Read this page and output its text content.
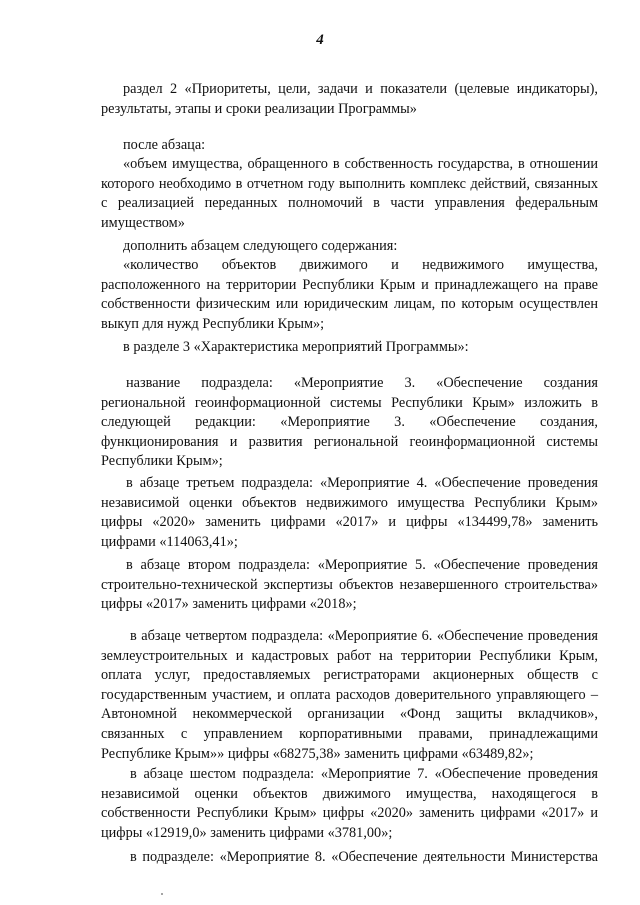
4

раздел 2 «Приоритеты, цели, задачи и показатели (целевые индикаторы), результаты, этапы и сроки реализации Программы»

после абзаца:

«объем имущества, обращенного в собственность государства, в отношении которого необходимо в отчетном году выполнить комплекс действий, связанных с реализацией переданных полномочий в части управления федеральным имуществом»

дополнить абзацем следующего содержания:

«количество объектов движимого и недвижимого имущества, расположенного на территории Республики Крым и принадлежащего на праве собственности физическим или юридическим лицам, по которым осуществлен выкуп для нужд Республики Крым»;

в разделе 3 «Характеристика мероприятий Программы»:

название подраздела: «Мероприятие 3. «Обеспечение создания региональной геоинформационной системы Республики Крым» изложить в следующей редакции: «Мероприятие 3. «Обеспечение создания, функционирования и развития региональной геоинформационной системы Республики Крым»;

в абзаце третьем подраздела: «Мероприятие 4. «Обеспечение проведения независимой оценки объектов недвижимого имущества Республики Крым» цифры «2020» заменить цифрами «2017» и цифры «134499,78» заменить цифрами «114063,41»;

в абзаце втором подраздела: «Мероприятие 5. «Обеспечение проведения строительно-технической экспертизы объектов незавершенного строительства» цифры «2017» заменить цифрами «2018»;

в абзаце четвертом подраздела: «Мероприятие 6. «Обеспечение проведения землеустроительных и кадастровых работ на территории Республики Крым, оплата услуг, предоставляемых регистраторами акционерных обществ с государственным участием, и оплата расходов доверительного управляющего – Автономной некоммерческой организации «Фонд защиты вкладчиков», связанных с управлением корпоративными правами, принадлежащими Республике Крым»» цифры «68275,38» заменить цифрами «63489,82»;

в абзаце шестом подраздела: «Мероприятие 7. «Обеспечение проведения независимой оценки объектов движимого имущества, находящегося в собственности Республики Крым» цифры «2020» заменить цифрами «2017» и цифры «12919,0» заменить цифрами «3781,00»;

в подразделе: «Мероприятие 8. «Обеспечение деятельности Министерства
